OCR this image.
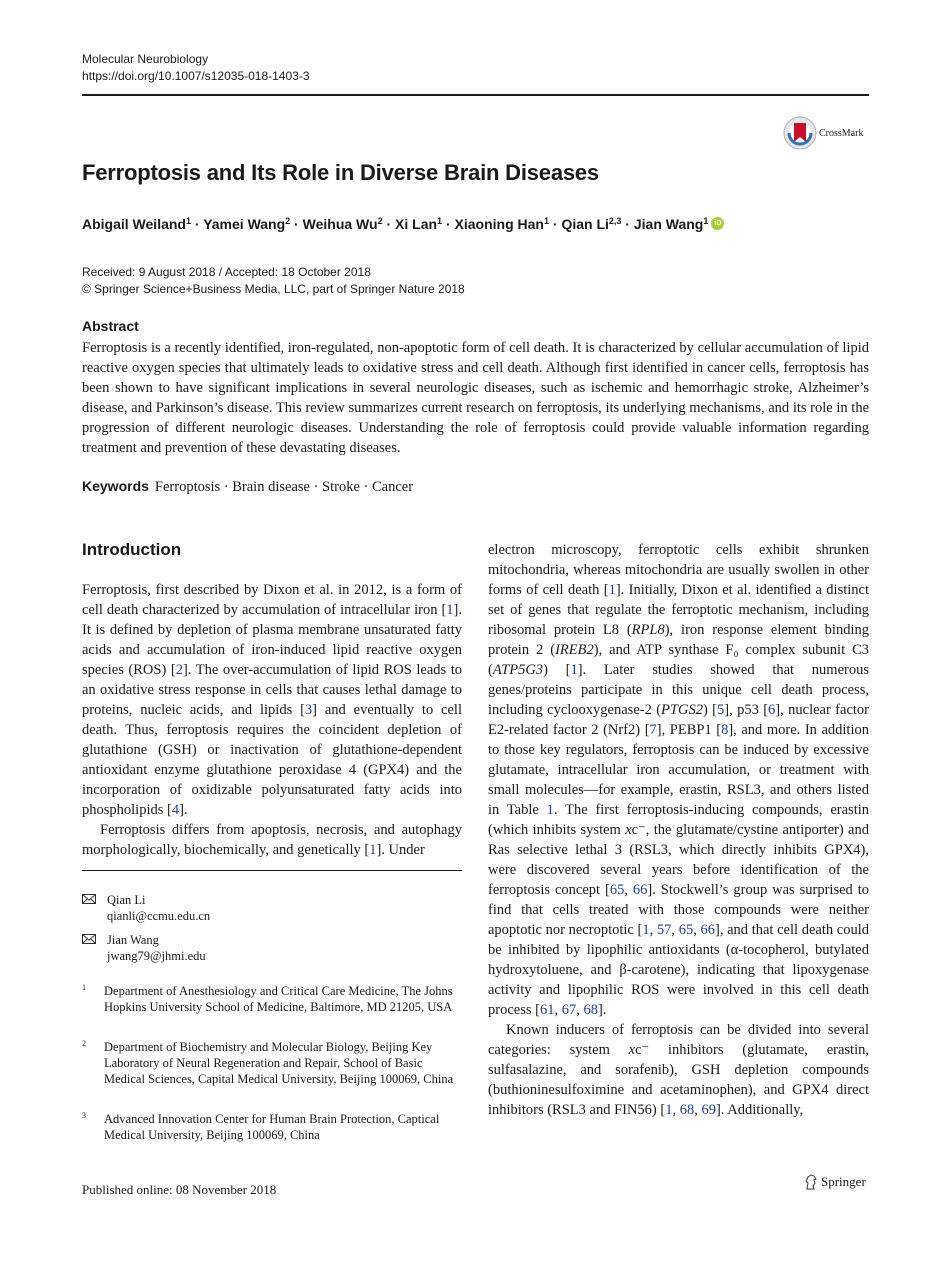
Molecular Neurobiology
https://doi.org/10.1007/s12035-018-1403-3
CrossMark
Ferroptosis and Its Role in Diverse Brain Diseases
Abigail Weiland$^1$ · Yamei Wang$^2$ · Weihua $Wu^2 \cdot Xi$ Lan$^1$ · Xiaoning Han$^1$ · Qian Li$^{2,3}$ · Jian Wang$^1$ iD
Received: 9 August 2018 / Accepted: 18 October 2018
© Springer Science+Business Media, LLC, part of Springer Nature 2018
Abstract
Ferroptosis is a recently identified, iron-regulated, non-apoptotic form of cell death. It is characterized by cellular accumulation of lipid reactive oxygen species that ultimately leads to oxidative stress and cell death. Although first identified in cancer cells, ferroptosis has been shown to have significant implications in several neurologic diseases, such as ischemic and hemorrhagic stroke, Alzheimer’s disease, and Parkinson’s disease. This review summarizes current research on ferroptosis, its underlying mechanisms, and its role in the progression of different neurologic diseases. Understanding the role of ferroptosis could provide valuable information regarding treatment and prevention of these devastating diseases.
Keywords Ferroptosis · Brain disease · Stroke · Cancer
Introduction

Ferroptosis, first described by Dixon et al. in 2012, is a form of cell death characterized by accumulation of intracellular iron [1]. It is defined by depletion of plasma membrane unsaturated fatty acids and accumulation of iron-induced lipid reactive oxygen species (ROS) [2]. The over-accumulation of lipid ROS leads to an oxidative stress response in cells that causes lethal damage to proteins, nucleic acids, and lipids [3] and eventually to cell death. Thus, ferroptosis requires the coincident depletion of glutathione (GSH) or inactivation of glutathione-dependent antioxidant enzyme glutathione peroxidase 4 (GPX4) and the incorporation of oxidizable polyunsaturated fatty acids into phospholipids [4].

Ferroptosis differs from apoptosis, necrosis, and autophagy morphologically, biochemically, and genetically [1]. Under

electron microscopy, ferroptotic cells exhibit shrunken mitochondria, whereas mitochondria are usually swollen in other forms of cell death [1]. Initially, Dixon et al. identified a distinct set of genes that regulate the ferroptotic mechanism, including ribosomal protein L8 (RPL8), iron response element binding protein 2 (IREB2), and ATP synthase F₀ complex subunit C3 (ATP5G3) [1]. Later studies showed that numerous genes/proteins participate in this unique cell death process, including cyclooxygenase-2 (PTGS2) [5], p53 [6], nuclear factor E2-related factor 2 (Nrf2) [7], PEBP1 [8], and more. In addition to those key regulators, ferroptosis can be induced by excessive glutamate, intracellular iron accumulation, or treatment with small molecules—for example, erastin, RSL3, and others listed in Table 1. The first ferroptosis-inducing compounds, erastin (which inhibits system xc⁻, the glutamate/cystine antiporter) and Ras selective lethal 3 (RSL3, which directly inhibits GPX4), were discovered several years before identification of the ferroptosis concept [65, 66]. Stockwell’s group was surprised to find that cells treated with those compounds were neither apoptotic nor necroptotic [1, 57, 65, 66], and that cell death could be inhibited by lipophilic antioxidants (α-tocopherol, butylated hydroxytoluene, and β-carotene), indicating that lipoxygenase activity and lipophilic ROS were involved in this cell death process [61, 67, 68].

Known inducers of ferroptosis can be divided into several categories: system xc⁻ inhibitors (glutamate, erastin, sulfasalazine, and sorafenib), GSH depletion compounds (buthioninesulfoximine and acetaminophen), and GPX4 direct inhibitors (RSL3 and FIN56) [1, 68, 69]. Additionally,

Qian Li
qianli@ccmu.edu.cn
Jian Wang
jwang79@jhmi.edu
1 Department of Anesthesiology and Critical Care Medicine, The Johns Hopkins University School of Medicine, Baltimore, MD 21205, USA
2 Department of Biochemistry and Molecular Biology, Beijing Key Laboratory of Neural Regeneration and Repair, School of Basic Medical Sciences, Capital Medical University, Beijing 100069, China
3 Advanced Innovation Center for Human Brain Protection, Captical Medical University, Beijing 100069, China
Published online: 08 November 2018
Springer
